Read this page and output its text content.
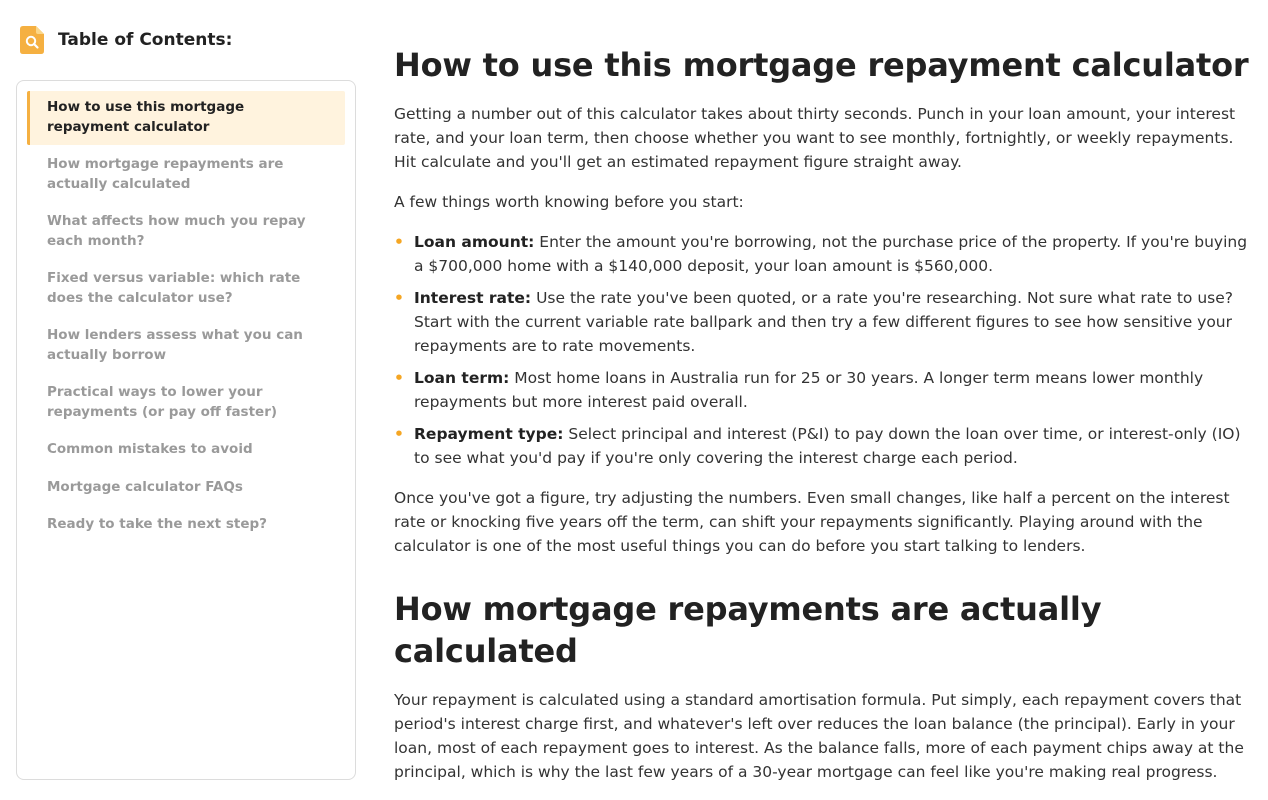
Table of Contents:
How to use this mortgage repayment calculator
How mortgage repayments are actually calculated
What affects how much you repay each month?
Fixed versus variable: which rate does the calculator use?
How lenders assess what you can actually borrow
Practical ways to lower your repayments (or pay off faster)
Common mistakes to avoid
Mortgage calculator FAQs
Ready to take the next step?
How to use this mortgage repayment calculator

Getting a number out of this calculator takes about thirty seconds. Punch in your loan amount, your interest rate, and your loan term, then choose whether you want to see monthly, fortnightly, or weekly repayments. Hit calculate and you'll get an estimated repayment figure straight away.

A few things worth knowing before you start:

• Loan amount: Enter the amount you're borrowing, not the purchase price of the property. If you're buying a $700,000 home with a $140,000 deposit, your loan amount is $560,000.
• Interest rate: Use the rate you've been quoted, or a rate you're researching. Not sure what rate to use? Start with the current variable rate ballpark and then try a few different figures to see how sensitive your repayments are to rate movements.
• Loan term: Most home loans in Australia run for 25 or 30 years. A longer term means lower monthly repayments but more interest paid overall.
• Repayment type: Select principal and interest (P&I) to pay down the loan over time, or interest-only (IO) to see what you'd pay if you're only covering the interest charge each period.

Once you've got a figure, try adjusting the numbers. Even small changes, like half a percent on the interest rate or knocking five years off the term, can shift your repayments significantly. Playing around with the calculator is one of the most useful things you can do before you start talking to lenders.

How mortgage repayments are actually calculated

Your repayment is calculated using a standard amortisation formula. Put simply, each repayment covers that period's interest charge first, and whatever's left over reduces the loan balance (the principal). Early in your loan, most of each repayment goes to interest. As the balance falls, more of each payment chips away at the principal, which is why the last few years of a 30-year mortgage can feel like you're making real progress.
